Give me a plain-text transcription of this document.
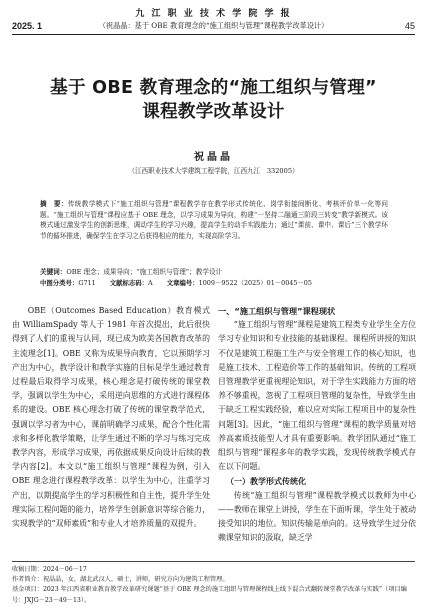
九 江 职 业 技 术 学 院 学 报
2025. 1	（祝晶晶：基于 OBE 教育理念的“施工组织与管理”课程教学改革设计）	45
基于 OBE 教育理念的“施工组织与管理”
课程教学改革设计
祝晶晶
（江西职业技术大学建筑工程学院，江西九江　332005）
摘　要：传统教学模式下“施工组织与管理”课程教学存在教学形式传统化、岗学衔接间断化、考核评价单一化等问题。“施工组织与管理”课程应基于 OBE 理念，以学习成果为导向，构建“一坚持二融通三阶段三转变”教学新模式。该模式通过激发学生的创新思维，调动学生的学习兴趣，提高学生的动手实践能力；通过“课前、课中、课后”三个教学环节的循环推进，确保学生在学习之后获得相应的能力，实现高阶学习。
关键词：OBE 理念；成果导向；“施工组织与管理”；教学设计
中图分类号：G711 文献标志码：A 文章编号：1009－9522（2025）01－0045－05

OBE（Outcomes Based Education）教育模式由 WilliamSpady 等人于 1981 年首次提出，此后很快得到了人们的重视与认同，现已成为欧美各国教育改革的主流理念[1]。OBE 又称为成果导向教育，它以预期学习产出为中心，教学设计和教学实施的目标是学生通过教育过程最后取得学习成果，核心理念是打破传统的课堂教学，强调以学生为中心，采用逆向思维的方式进行课程体系的建设。OBE 核心理念打破了传统的课堂教学范式，强调以学习者为中心，课前明确学习成果，配合个性化需求和多样化教学策略，让学生通过不断的学习与练习完成教学内容，形成学习成果，再依据成果反向设计后续的教学内容[2]。本文以“施工组织与管理”课程为例，引入 OBE 理念进行课程教学改革：以学生为中心，注重学习产出，以期提高学生的学习积极性和自主性，提升学生处理实际工程问题的能力，培养学生创新意识等综合能力，实现教学的“双师素质”和专业人才培养质量的双提升。

一、“施工组织与管理”课程现状

“施工组织与管理”课程是建筑工程类专业学生全方位学习专业知识和专业技能的基础课程。课程所讲授的知识不仅是建筑工程施工生产与安全管理工作的核心知识，也是施工技术、工程造价等工作的基础知识。传统的工程项目管理教学更重视理论知识，对于学生实践能力方面的培养不够重视，忽视了工程项目管理的复杂性，导致学生由于缺乏工程实践经验，难以应对实际工程项目中的复杂性问题[3]。因此，“施工组织与管理”课程的教学质量对培养高素质技能型人才具有重要影响。教学团队通过“施工组织与管理”课程多年的教学实践，发现传统教学模式存在以下问题。

（一）教学形式传统化

传统“施工组织与管理”课程教学模式以教师为中心——教师在课堂上讲授，学生在下面听课，学生处于被动接受知识的地位。知识传输是单向的。这导致学生过分依赖课堂知识的汲取，缺乏学

收稿日期：2024－06－17
作者简介：祝晶晶，女，湖北武汉人，硕士，讲师，研究方向为建筑工程管理。
基金项目：2023 年江西省职业教育教学改革研究课题“基于 OBE 理念的施工组织与管理课程线上线下混合式翻转课堂教学改革与实践”（项目编号：JXJG－23－49－13）。
